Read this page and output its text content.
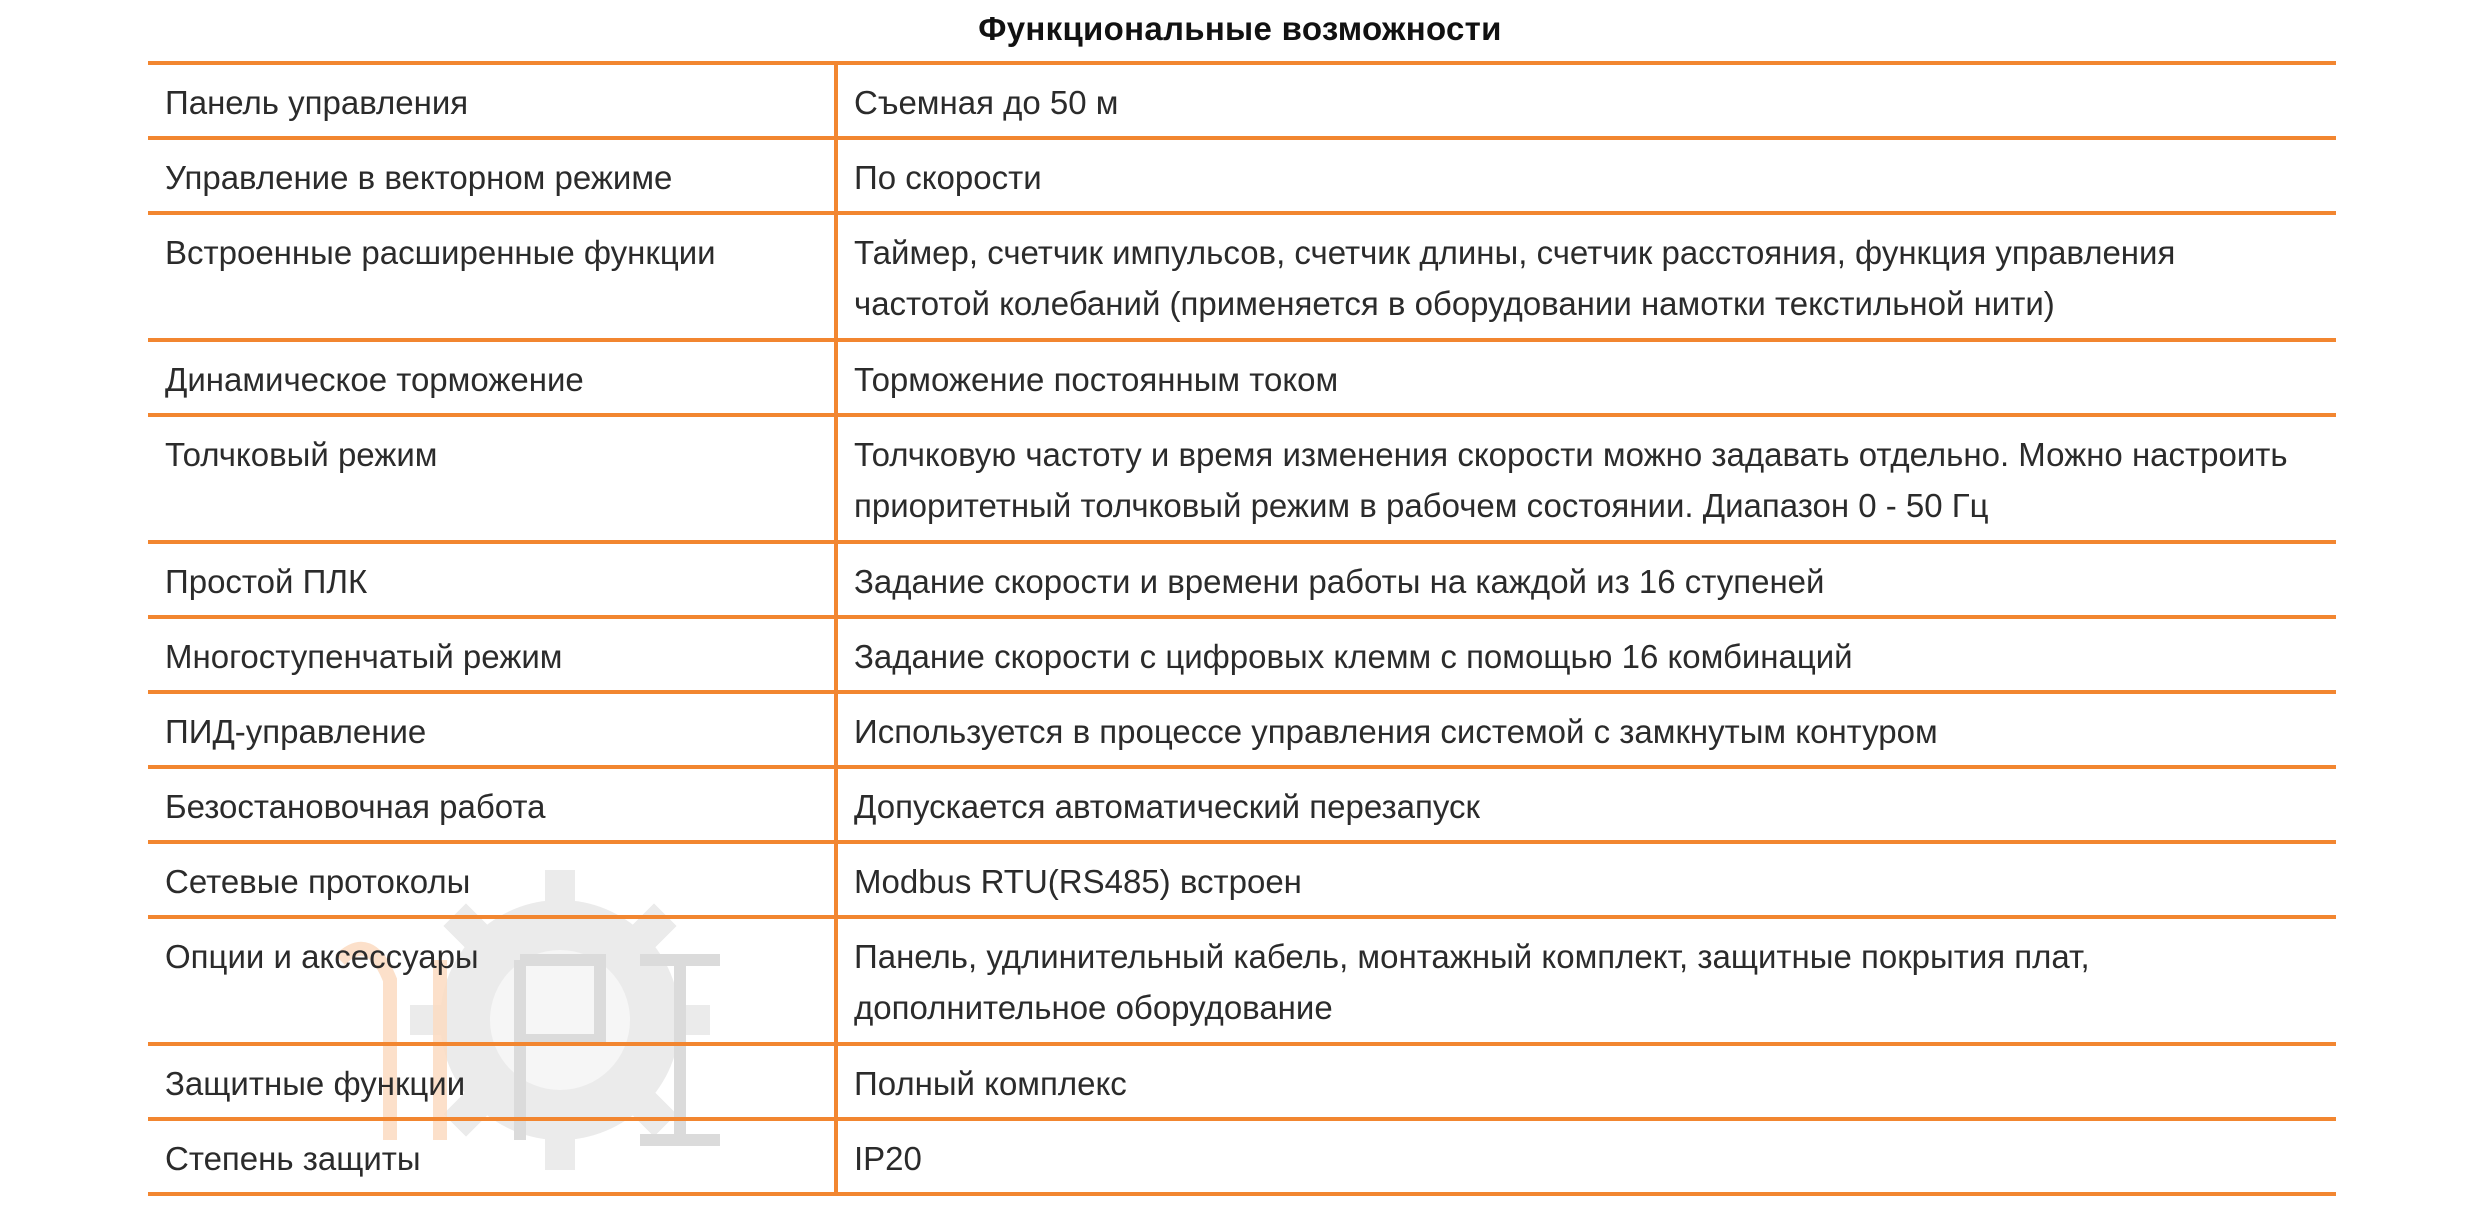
Функциональные возможности
Панель управления	Съемная до 50 м

Управление в векторном режиме	По скорости

Встроенные расширенные функции	Таймер, счетчик импульсов, счетчик длины, счетчик расстояния, функция управления частотой колебаний (применяется в оборудовании намотки текстильной нити)

Динамическое торможение	Торможение постоянным током

Толчковый режим	Толчковую частоту и время изменения скорости можно задавать отдельно. Можно настроить приоритетный толчковый режим в рабочем состоянии. Диапазон 0 - 50 Гц

Простой ПЛК	Задание скорости и времени работы на каждой из 16 ступеней

Многоступенчатый режим	Задание скорости с цифровых клемм с помощью 16 комбинаций

ПИД-управление	Используется в процессе управления системой с замкнутым контуром

Безостановочная работа	Допускается автоматический перезапуск

Сетевые протоколы	Modbus RTU(RS485) встроен

Опции и аксессуары	Панель, удлинительный кабель, монтажный комплект, защитные покрытия плат, дополнительное оборудование

Защитные функции	Полный комплекс

Степень защиты	IP20
